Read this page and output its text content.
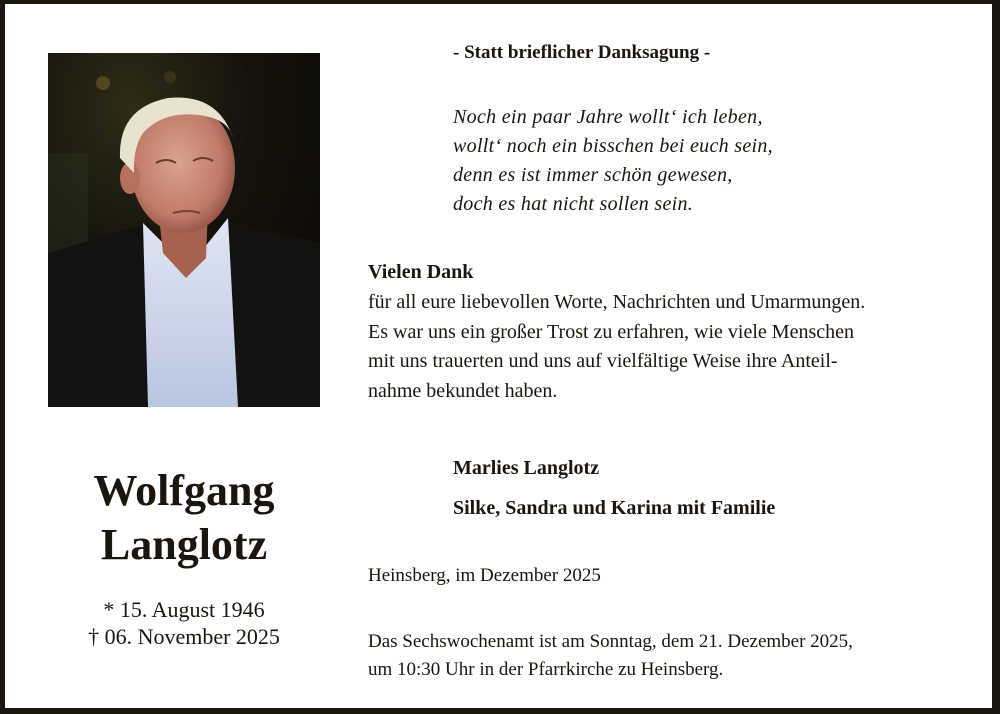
Wolfgang
Langlotz
* 15. August 1946
† 06. November 2025
- Statt brieflicher Danksagung -
Noch ein paar Jahre wollt‘ ich leben,
wollt‘ noch ein bisschen bei euch sein,
denn es ist immer schön gewesen,
doch es hat nicht sollen sein.
Vielen Dank
für all eure liebevollen Worte, Nachrichten und Umarmungen.
Es war uns ein großer Trost zu erfahren, wie viele Menschen
mit uns trauerten und uns auf vielfältige Weise ihre Anteil-
nahme bekundet haben.
Marlies Langlotz
Silke, Sandra und Karina mit Familie
Heinsberg, im Dezember 2025
Das Sechswochenamt ist am Sonntag, dem 21. Dezember 2025,
um 10:30 Uhr in der Pfarrkirche zu Heinsberg.
